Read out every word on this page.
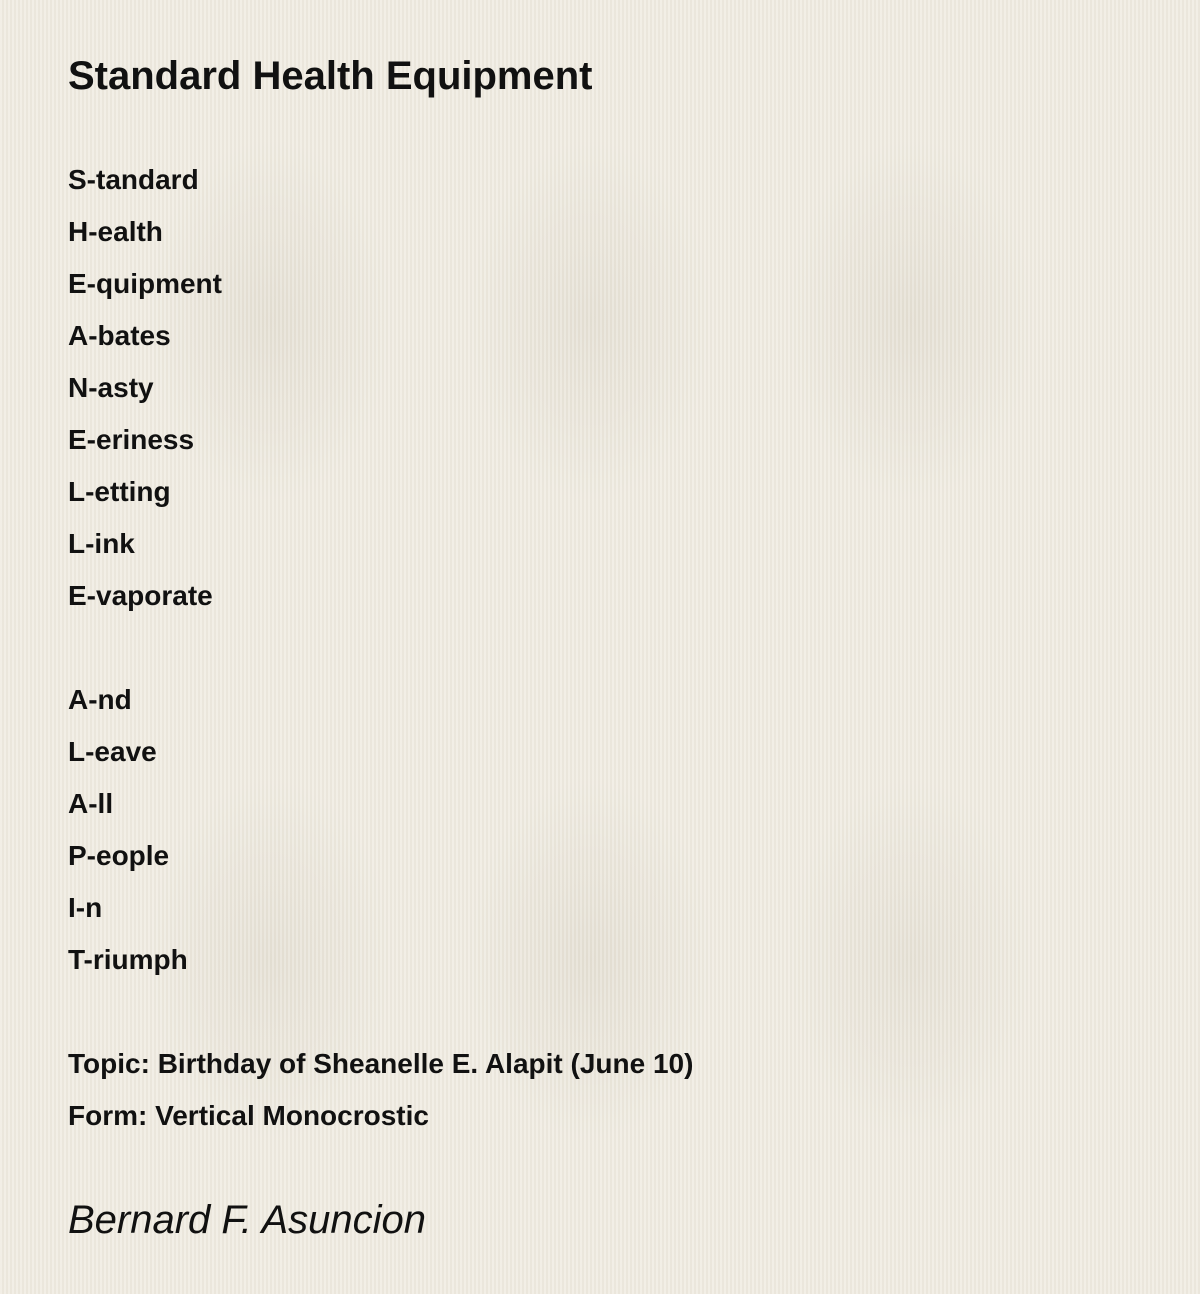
Standard Health Equipment
S-tandard
H-ealth
E-quipment
A-bates
N-asty
E-eriness
L-etting
L-ink
E-vaporate
A-nd
L-eave
A-ll
P-eople
I-n
T-riumph
Topic: Birthday of Sheanelle E. Alapit (June 10)
Form: Vertical Monocrostic
Bernard F. Asuncion
